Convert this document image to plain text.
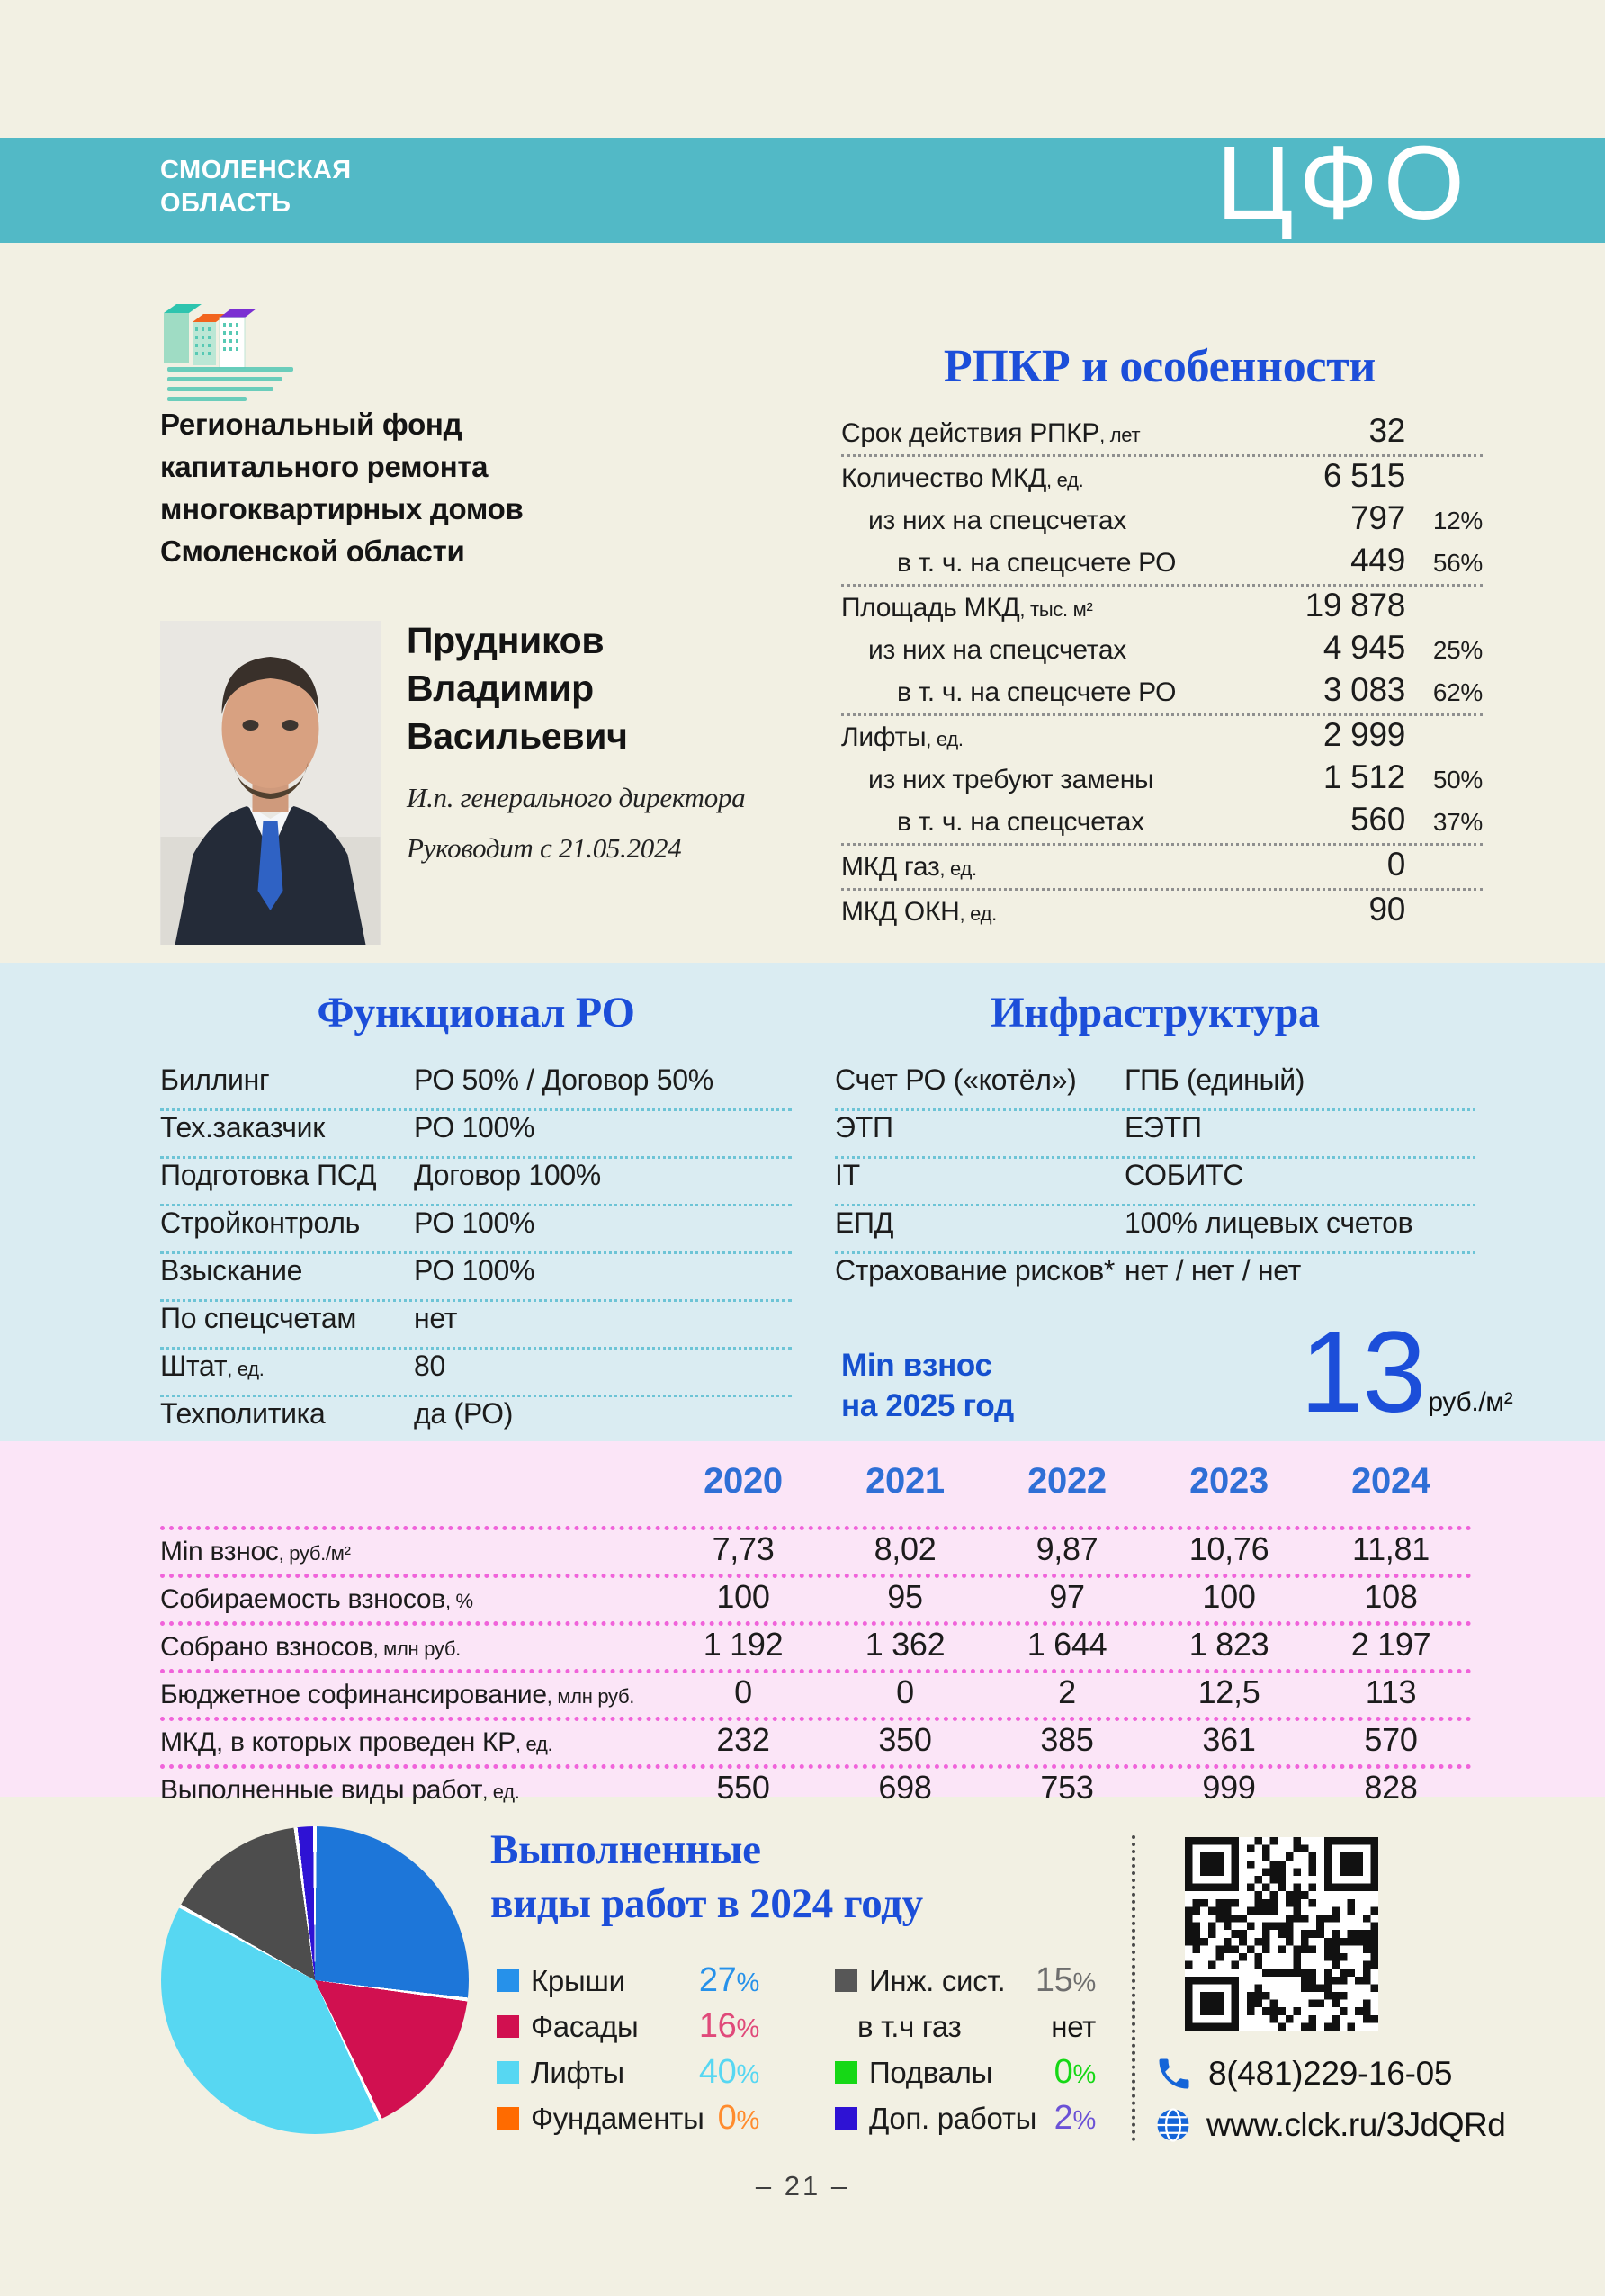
СМОЛЕНСКАЯ
ОБЛАСТЬ	ЦФО
Региональный фонд капитального ремонта многоквартирных домов Смоленской области
Прудников
Владимир
Васильевич
И.п. генерального директора
Руководит с 21.05.2024
РПКР и особенности
Срок действия РПКР, лет	32
Количество МКД, ед.	6 515
из них на спецсчетах	797	12%
в т. ч. на спецсчете РО	449	56%
Площадь МКД, тыс. м²	19 878
из них на спецсчетах	4 945	25%
в т. ч. на спецсчете РО	3 083	62%
Лифты, ед.	2 999
из них требуют замены	1 512	50%
в т. ч. на спецсчетах	560	37%
МКД газ, ед.	0
МКД ОКН, ед.	90
Функционал РО	Инфраструктура
Биллинг	РО 50% / Договор 50%
Тех.заказчик	РО 100%
Подготовка ПСД	Договор 100%
Стройконтроль	РО 100%
Взыскание	РО 100%
По спецсчетам	нет
Штат, ед.	80
Техполитика	да (РО)
Счет РО («котёл»)	ГПБ (единый)
ЭТП	ЕЭТП
IT	СОБИТС
ЕПД	100% лицевых счетов
Страхование рисков* нет / нет / нет
Min взнос
на 2025 год 13 руб./м²
2020	2021	2022	2023	2024
Min взнос, руб./м²	7,73	8,02	9,87	10,76	11,81
Собираемость взносов, %	100	95	97	100	108
Собрано взносов, млн руб.	1 192	1 362	1 644	1 823	2 197
Бюджетное софинансирование, млн руб.	0	0	2	12,5	113
МКД, в которых проведен КР, ед.	232	350	385	361	570
Выполненные виды работ, ед.	550	698	753	999	828
Выполненные
виды работ в 2024 году
Крыши 27 %
Фасады 16 %
Лифты 40 %
Фундаменты 0 %
Инж. сист. 15 %
в т.ч газ	нет
Подвалы 0 %
Доп. работы 2 %
8(481)229-16-05
www.clck.ru/3JdQRd
– 21 –
